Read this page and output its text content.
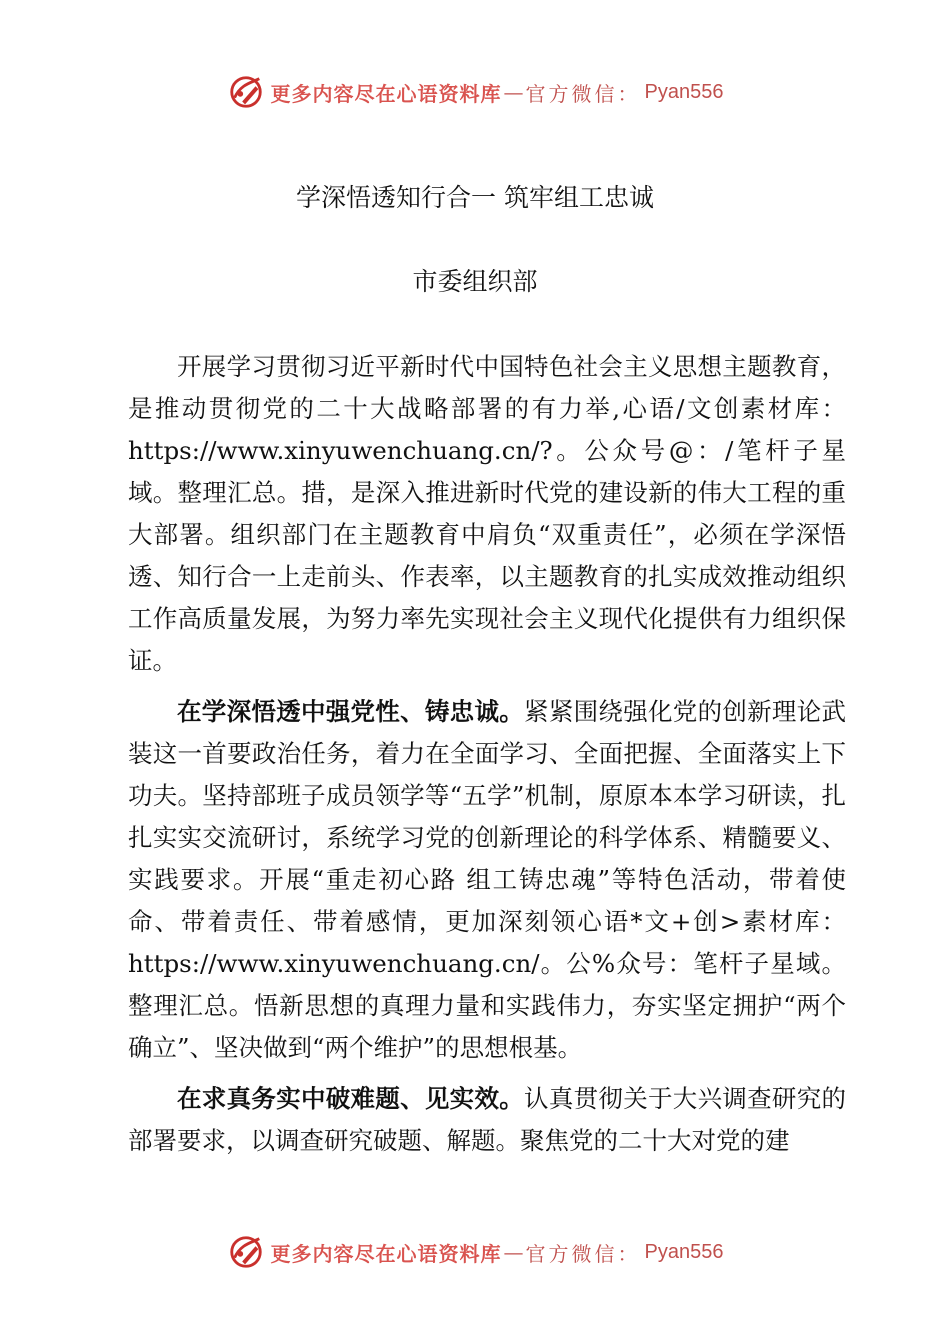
更多内容尽在心语资料库 — 官方微信： Pyan556
学深悟透知行合一 筑牢组工忠诚
市委组织部

开展学习贯彻习近平新时代中国特色社会主义思想主题教育，是推动贯彻党的二十大战略部署的有力举,心语/文创素材库：https://www.xinyuwenchuang.cn/?。公众号@：/笔杆子星域。整理汇总。措，是深入推进新时代党的建设新的伟大工程的重大部署。组织部门在主题教育中肩负“双重责任”，必须在学深悟透、知行合一上走前头、作表率，以主题教育的扎实成效推动组织工作高质量发展，为努力率先实现社会主义现代化提供有力组织保证。

在学深悟透中强党性、铸忠诚。紧紧围绕强化党的创新理论武装这一首要政治任务，着力在全面学习、全面把握、全面落实上下功夫。坚持部班子成员领学等“五学”机制，原原本本学习研读，扎扎实实交流研讨，系统学习党的创新理论的科学体系、精髓要义、实践要求。开展“重走初心路 组工铸忠魂”等特色活动，带着使命、带着责任、带着感情，更加深刻领心语*文+创>素材库：https://www.xinyuwenchuang.cn/。公%众号：笔杆子星域。整理汇总。悟新思想的真理力量和实践伟力，夯实坚定拥护“两个确立”、坚决做到“两个维护”的思想根基。

在求真务实中破难题、见实效。认真贯彻关于大兴调查研究的部署要求，以调查研究破题、解题。聚焦党的二十大对党的建

更多内容尽在心语资料库 — 官方微信： Pyan556
